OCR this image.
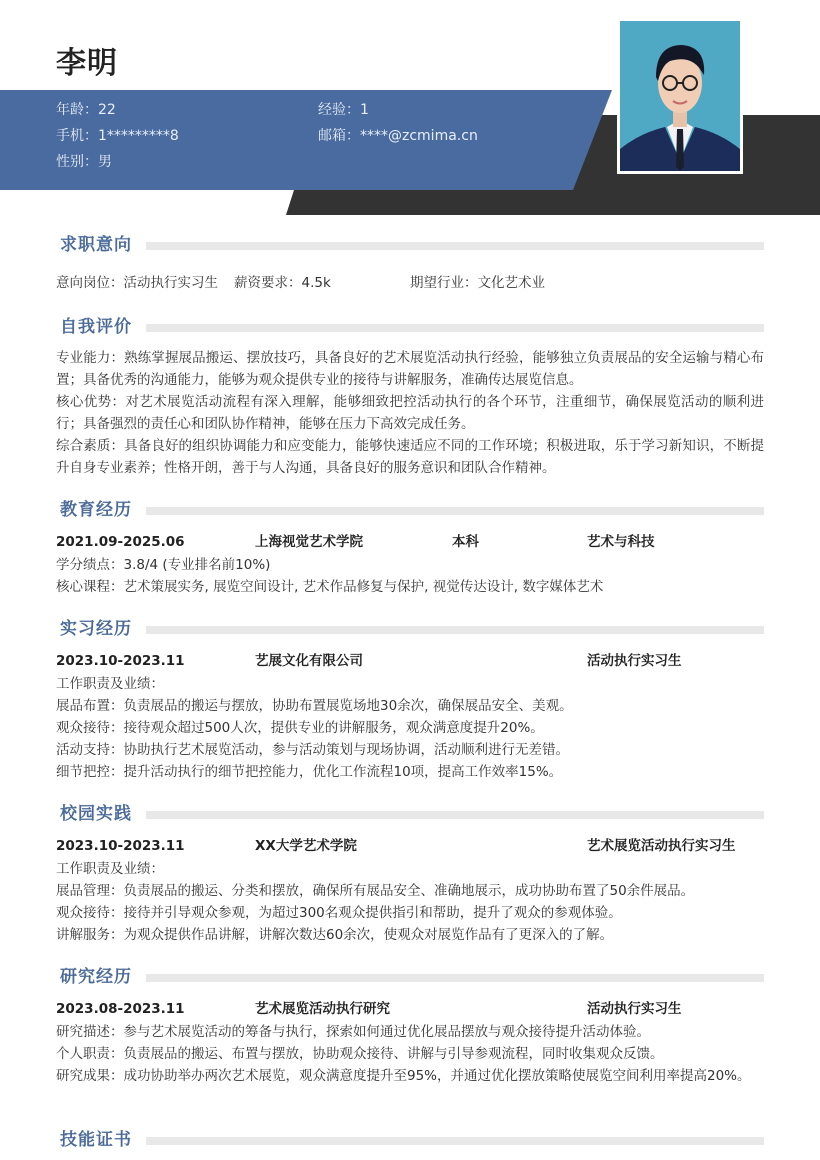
李明
年龄：22	经验：1
手机：1*********8	邮箱：****@zcmima.cn
性别：男
求职意向
意向岗位：活动执行实习生 薪资要求：4.5k	期望行业：文化艺术业
自我评价
专业能力：熟练掌握展品搬运、摆放技巧，具备良好的艺术展览活动执行经验，能够独立负责展品的安全运输与精心布置；具备优秀的沟通能力，能够为观众提供专业的接待与讲解服务，准确传达展览信息。
核心优势：对艺术展览活动流程有深入理解，能够细致把控活动执行的各个环节，注重细节，确保展览活动的顺利进行；具备强烈的责任心和团队协作精神，能够在压力下高效完成任务。
综合素质：具备良好的组织协调能力和应变能力，能够快速适应不同的工作环境；积极进取，乐于学习新知识，不断提升自身专业素养；性格开朗，善于与人沟通，具备良好的服务意识和团队合作精神。
教育经历
2021.09-2025.06	上海视觉艺术学院	本科	艺术与科技
学分绩点：3.8/4 (专业排名前10%)
核心课程：艺术策展实务, 展览空间设计, 艺术作品修复与保护, 视觉传达设计, 数字媒体艺术
实习经历
2023.10-2023.11	艺展文化有限公司	活动执行实习生
工作职责及业绩：
展品布置：负责展品的搬运与摆放，协助布置展览场地30余次，确保展品安全、美观。
观众接待：接待观众超过500人次，提供专业的讲解服务，观众满意度提升20%。
活动支持：协助执行艺术展览活动，参与活动策划与现场协调，活动顺利进行无差错。
细节把控：提升活动执行的细节把控能力，优化工作流程10项，提高工作效率15%。
校园实践
2023.10-2023.11	XX大学艺术学院	艺术展览活动执行实习生
工作职责及业绩：
展品管理：负责展品的搬运、分类和摆放，确保所有展品安全、准确地展示，成功协助布置了50余件展品。
观众接待：接待并引导观众参观，为超过300名观众提供指引和帮助，提升了观众的参观体验。
讲解服务：为观众提供作品讲解，讲解次数达60余次，使观众对展览作品有了更深入的了解。
研究经历
2023.08-2023.11	艺术展览活动执行研究	活动执行实习生
研究描述：参与艺术展览活动的筹备与执行，探索如何通过优化展品摆放与观众接待提升活动体验。
个人职责：负责展品的搬运、布置与摆放，协助观众接待、讲解与引导参观流程，同时收集观众反馈。
研究成果：成功协助举办两次艺术展览，观众满意度提升至95%，并通过优化摆放策略使展览空间利用率提高20%。
技能证书
